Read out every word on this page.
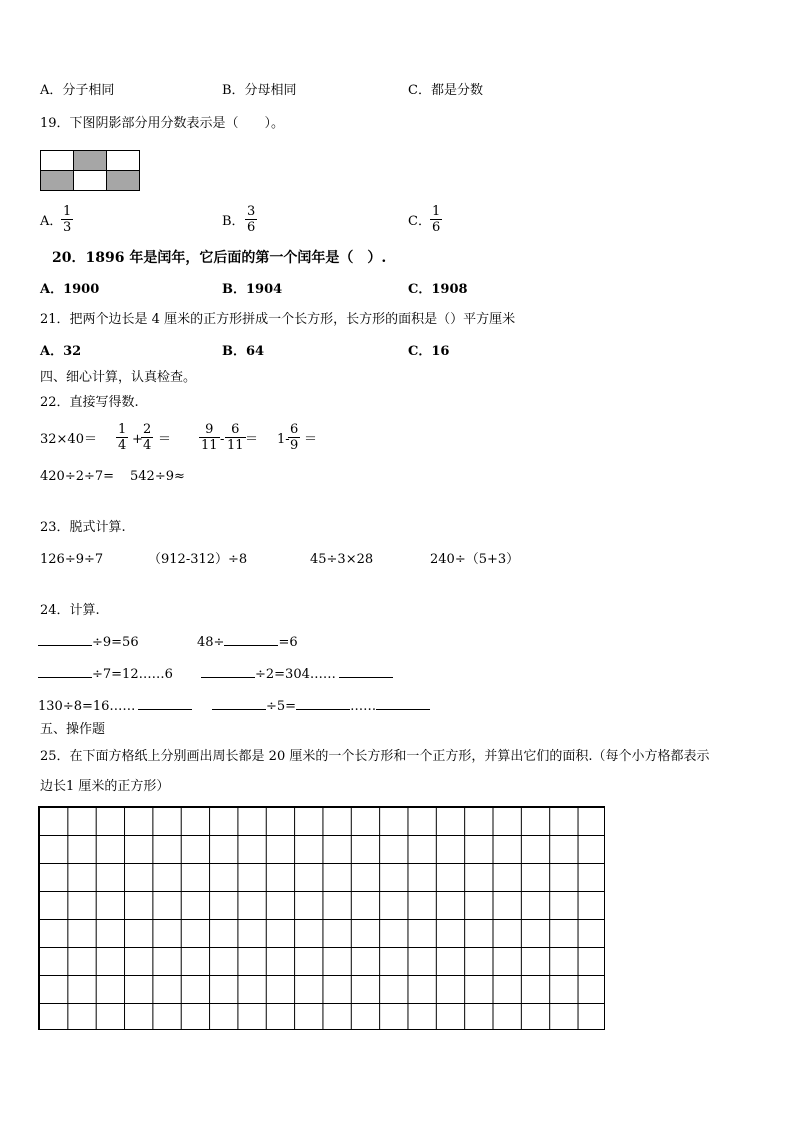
A．分子相同	B．分母相同	C．都是分数
19．下图阴影部分用分数表示是（　　）。

A．
1
3	B．
3
6	C．
1
6
20．1896 年是闰年，它后面的第一个闰年是（　）.
A．1900	B．1904	C．1908
21．把两个边长是 4 厘米的正方形拼成一个长方形，长方形的面积是（）平方厘米
A．32	B．64	C．16
四、细心计算，认真检查。
22．直接写得数.
32×40＝
1
4 +
2
4 ＝
9
11 -
6
11 ＝ 1-
6
9 ＝
420÷2÷7= 542÷9≈
23．脱式计算.
126÷9÷7	（912-312）÷8	45÷3×28	240÷（5+3）
24．计算.
÷9=56	48÷	=6
÷7=12……6	÷2=304……
130÷8=16……	÷5=	……
五、操作题
25．在下面方格纸上分别画出周长都是 20 厘米的一个长方形和一个正方形，并算出它们的面积.（每个小方格都表示
边长1 厘米的正方形）
